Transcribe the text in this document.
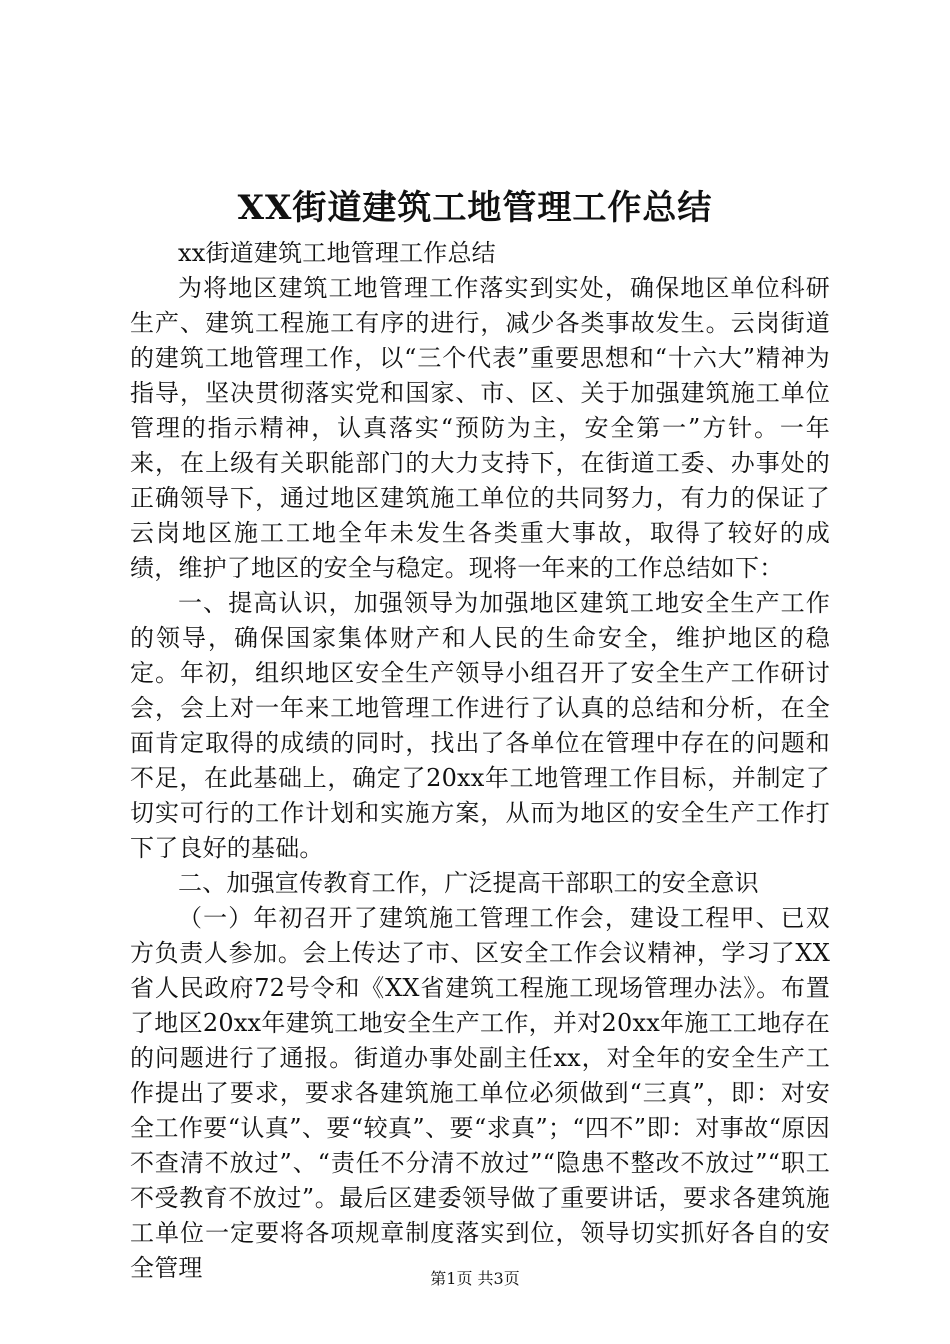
XX街道建筑工地管理工作总结

xx街道建筑工地管理工作总结

为将地区建筑工地管理工作落实到实处，确保地区单位科研生产、建筑工程施工有序的进行，减少各类事故发生。云岗街道的建筑工地管理工作，以“三个代表”重要思想和“十六大”精神为指导，坚决贯彻落实党和国家、市、区、关于加强建筑施工单位管理的指示精神，认真落实“预防为主，安全第一”方针。一年来，在上级有关职能部门的大力支持下，在街道工委、办事处的正确领导下，通过地区建筑施工单位的共同努力，有力的保证了云岗地区施工工地全年未发生各类重大事故，取得了较好的成绩，维护了地区的安全与稳定。现将一年来的工作总结如下：

一、提高认识，加强领导为加强地区建筑工地安全生产工作的领导，确保国家集体财产和人民的生命安全，维护地区的稳定。年初，组织地区安全生产领导小组召开了安全生产工作研讨会，会上对一年来工地管理工作进行了认真的总结和分析，在全面肯定取得的成绩的同时，找出了各单位在管理中存在的问题和不足，在此基础上，确定了20xx年工地管理工作目标，并制定了切实可行的工作计划和实施方案，从而为地区的安全生产工作打下了良好的基础。

二、加强宣传教育工作，广泛提高干部职工的安全意识

（一）年初召开了建筑施工管理工作会，建设工程甲、已双方负责人参加。会上传达了市、区安全工作会议精神，学习了XX省人民政府72号令和《XX省建筑工程施工现场管理办法》。布置了地区20xx年建筑工地安全生产工作，并对20xx年施工工地存在的问题进行了通报。街道办事处副主任xx，对全年的安全生产工作提出了要求，要求各建筑施工单位必须做到“三真”，即：对安全工作要“认真”、要“较真”、要“求真”；“四不”即：对事故“原因不查清不放过”、“责任不分清不放过”“隐患不整改不放过”“职工不受教育不放过”。最后区建委领导做了重要讲话，要求各建筑施工单位一定要将各项规章制度落实到位，领导切实抓好各自的安全管理	第1页 共3页
